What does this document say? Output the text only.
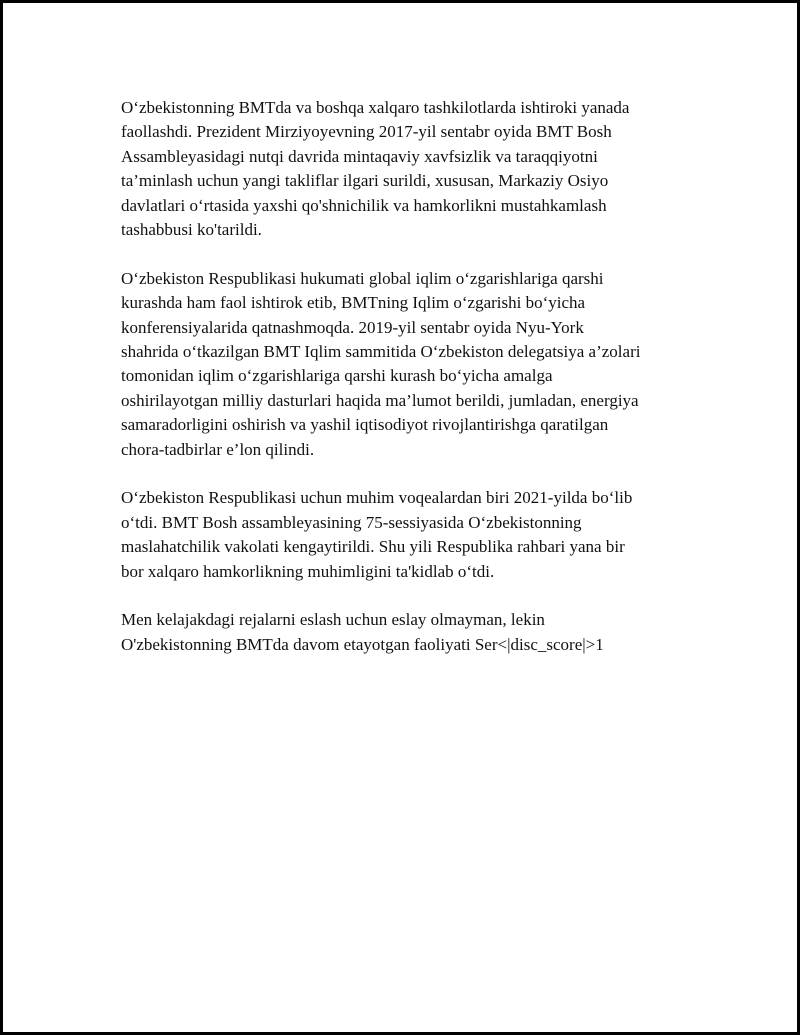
O‘zbekistonning BMTda va boshqa xalqaro tashkilotlarda ishtiroki yanada
faollashdi. Prezident Mirziyoyevning 2017-yil sentabr oyida BMT Bosh
Assambleyasidagi nutqi davrida mintaqaviy xavfsizlik va taraqqiyotni
ta’minlash uchun yangi takliflar ilgari surildi, xususan, Markaziy Osiyo
davlatlari o‘rtasida yaxshi qo'shnichilik va hamkorlikni mustahkamlash
tashabbusi ko'tarildi.

O‘zbekiston Respublikasi hukumati global iqlim o‘zgarishlariga qarshi
kurashda ham faol ishtirok etib, BMTning Iqlim o‘zgarishi bo‘yicha
konferensiyalarida qatnashmoqda. 2019-yil sentabr oyida Nyu-York
shahrida o‘tkazilgan BMT Iqlim sammitida O‘zbekiston delegatsiya a’zolari
tomonidan iqlim o‘zgarishlariga qarshi kurash bo‘yicha amalga
oshirilayotgan milliy dasturlari haqida ma’lumot berildi, jumladan, energiya
samaradorligini oshirish va yashil iqtisodiyot rivojlantirishga qaratilgan
chora-tadbirlar e’lon qilindi.

O‘zbekiston Respublikasi uchun muhim voqealardan biri 2021-yilda bo‘lib
o‘tdi. BMT Bosh assambleyasining 75-sessiyasida O‘zbekistonning
maslahatchilik vakolati kengaytirildi. Shu yili Respublika rahbari yana bir
bor xalqaro hamkorlikning muhimligini ta'kidlab o‘tdi.

Men kelajakdagi rejalarni eslash uchun eslay olmayman, lekin
O'zbekistonning BMTda davom etayotgan faoliyati Ser<|disc_score|>1
